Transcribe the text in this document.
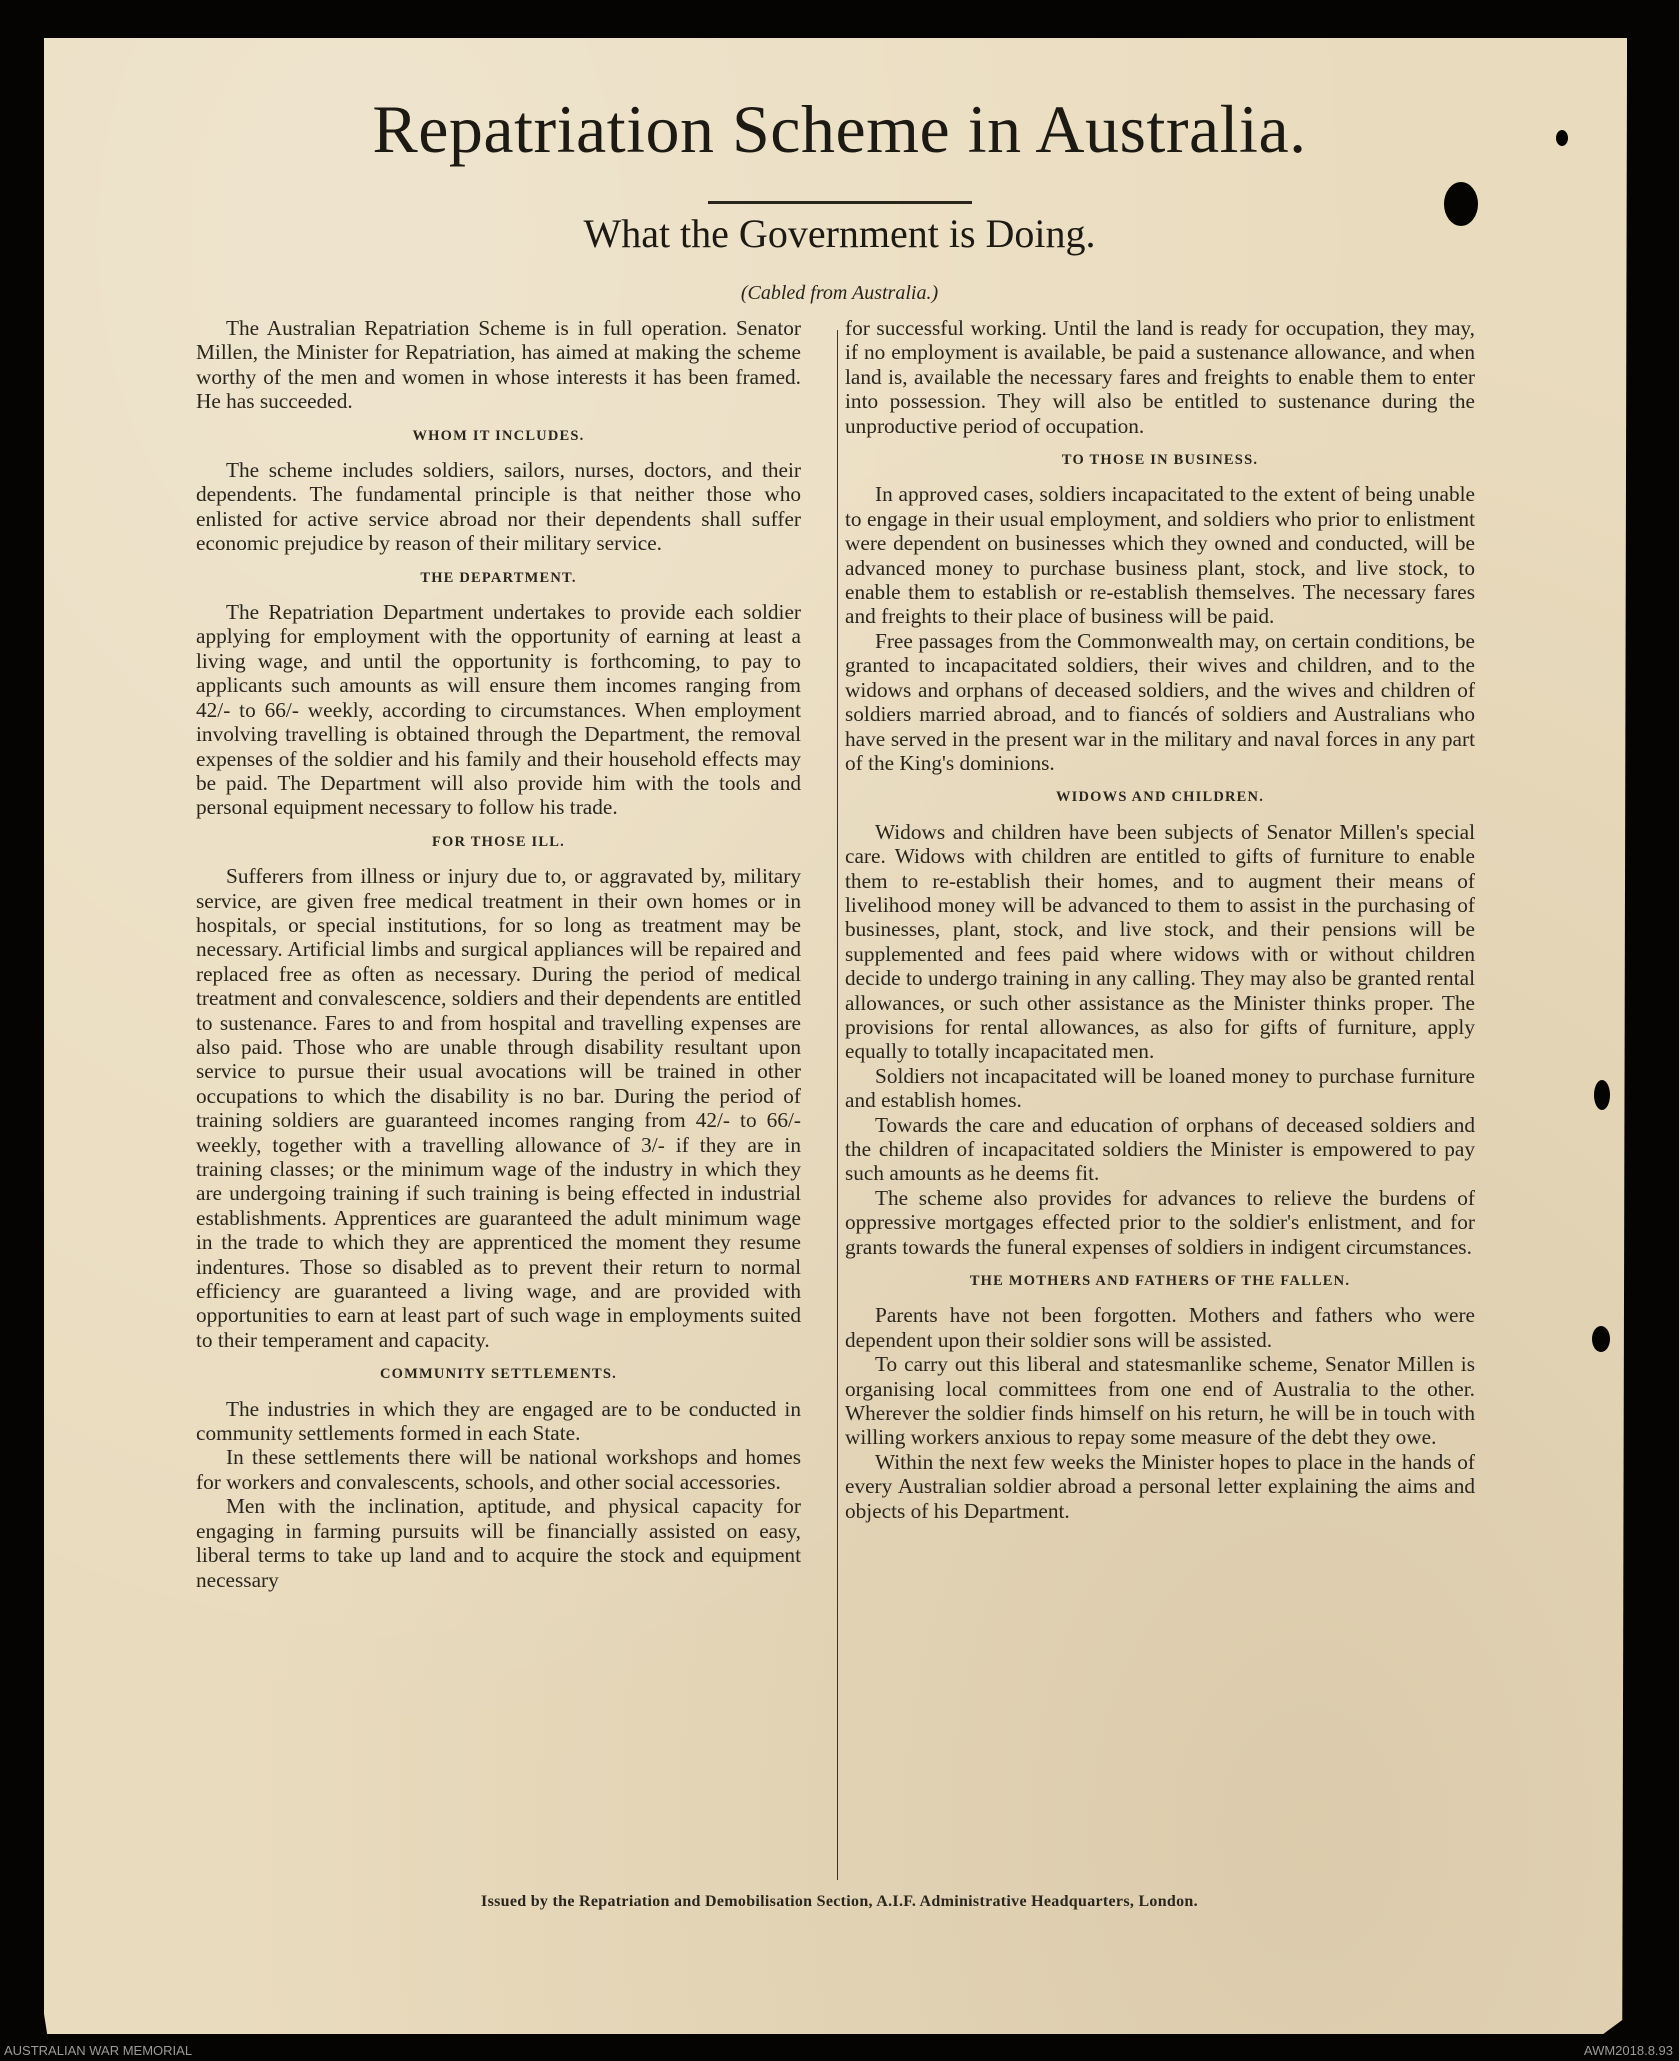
Repatriation Scheme in Australia.
What the Government is Doing.
(Cabled from Australia.)

The Australian Repatriation Scheme is in full operation. Senator Millen, the Minister for Repatriation, has aimed at making the scheme worthy of the men and women in whose interests it has been framed. He has succeeded.

WHOM IT INCLUDES.

The scheme includes soldiers, sailors, nurses, doctors, and their dependents. The fundamental principle is that neither those who enlisted for active service abroad nor their dependents shall suffer economic prejudice by reason of their military service.

THE DEPARTMENT.

The Repatriation Department undertakes to provide each soldier applying for employment with the opportunity of earning at least a living wage, and until the opportunity is forthcoming, to pay to applicants such amounts as will ensure them incomes ranging from 42/- to 66/- weekly, according to circumstances. When employment involving travelling is obtained through the Department, the removal expenses of the soldier and his family and their household effects may be paid. The Department will also provide him with the tools and personal equipment necessary to follow his trade.

FOR THOSE ILL.

Sufferers from illness or injury due to, or aggravated by, military service, are given free medical treatment in their own homes or in hospitals, or special institutions, for so long as treatment may be necessary. Artificial limbs and surgical appliances will be repaired and replaced free as often as necessary. During the period of medical treatment and convalescence, soldiers and their dependents are entitled to sustenance. Fares to and from hospital and travelling expenses are also paid. Those who are unable through disability resultant upon service to pursue their usual avocations will be trained in other occupations to which the disability is no bar. During the period of training soldiers are guaranteed incomes ranging from 42/- to 66/- weekly, together with a travelling allowance of 3/- if they are in training classes; or the minimum wage of the industry in which they are undergoing training if such training is being effected in industrial establishments. Apprentices are guaranteed the adult minimum wage in the trade to which they are apprenticed the moment they resume indentures. Those so disabled as to prevent their return to normal efficiency are guaranteed a living wage, and are provided with opportunities to earn at least part of such wage in employments suited to their temperament and capacity.

COMMUNITY SETTLEMENTS.

The industries in which they are engaged are to be conducted in community settlements formed in each State.

In these settlements there will be national workshops and homes for workers and convalescents, schools, and other social accessories.

Men with the inclination, aptitude, and physical capacity for engaging in farming pursuits will be financially assisted on easy, liberal terms to take up land and to acquire the stock and equipment necessary

for successful working. Until the land is ready for occupation, they may, if no employment is available, be paid a sustenance allowance, and when land is, available the necessary fares and freights to enable them to enter into possession. They will also be entitled to sustenance during the unproductive period of occupation.

TO THOSE IN BUSINESS.

In approved cases, soldiers incapacitated to the extent of being unable to engage in their usual employment, and soldiers who prior to enlistment were dependent on businesses which they owned and conducted, will be advanced money to purchase business plant, stock, and live stock, to enable them to establish or re-establish themselves. The necessary fares and freights to their place of business will be paid.

Free passages from the Commonwealth may, on certain conditions, be granted to incapacitated soldiers, their wives and children, and to the widows and orphans of deceased soldiers, and the wives and children of soldiers married abroad, and to fiancés of soldiers and Australians who have served in the present war in the military and naval forces in any part of the King's dominions.

WIDOWS AND CHILDREN.

Widows and children have been subjects of Senator Millen's special care. Widows with children are entitled to gifts of furniture to enable them to re-establish their homes, and to augment their means of livelihood money will be advanced to them to assist in the purchasing of businesses, plant, stock, and live stock, and their pensions will be supplemented and fees paid where widows with or without children decide to undergo training in any calling. They may also be granted rental allowances, or such other assistance as the Minister thinks proper. The provisions for rental allowances, as also for gifts of furniture, apply equally to totally incapacitated men.

Soldiers not incapacitated will be loaned money to purchase furniture and establish homes.

Towards the care and education of orphans of deceased soldiers and the children of incapacitated soldiers the Minister is empowered to pay such amounts as he deems fit.

The scheme also provides for advances to relieve the burdens of oppressive mortgages effected prior to the soldier's enlistment, and for grants towards the funeral expenses of soldiers in indigent circumstances.

THE MOTHERS AND FATHERS OF THE FALLEN.

Parents have not been forgotten. Mothers and fathers who were dependent upon their soldier sons will be assisted.

To carry out this liberal and statesmanlike scheme, Senator Millen is organising local committees from one end of Australia to the other. Wherever the soldier finds himself on his return, he will be in touch with willing workers anxious to repay some measure of the debt they owe.

Within the next few weeks the Minister hopes to place in the hands of every Australian soldier abroad a personal letter explaining the aims and objects of his Department.

Issued by the Repatriation and Demobilisation Section, A.I.F. Administrative Headquarters, London.
AUSTRALIAN WAR MEMORIAL	AWM2018.8.93
